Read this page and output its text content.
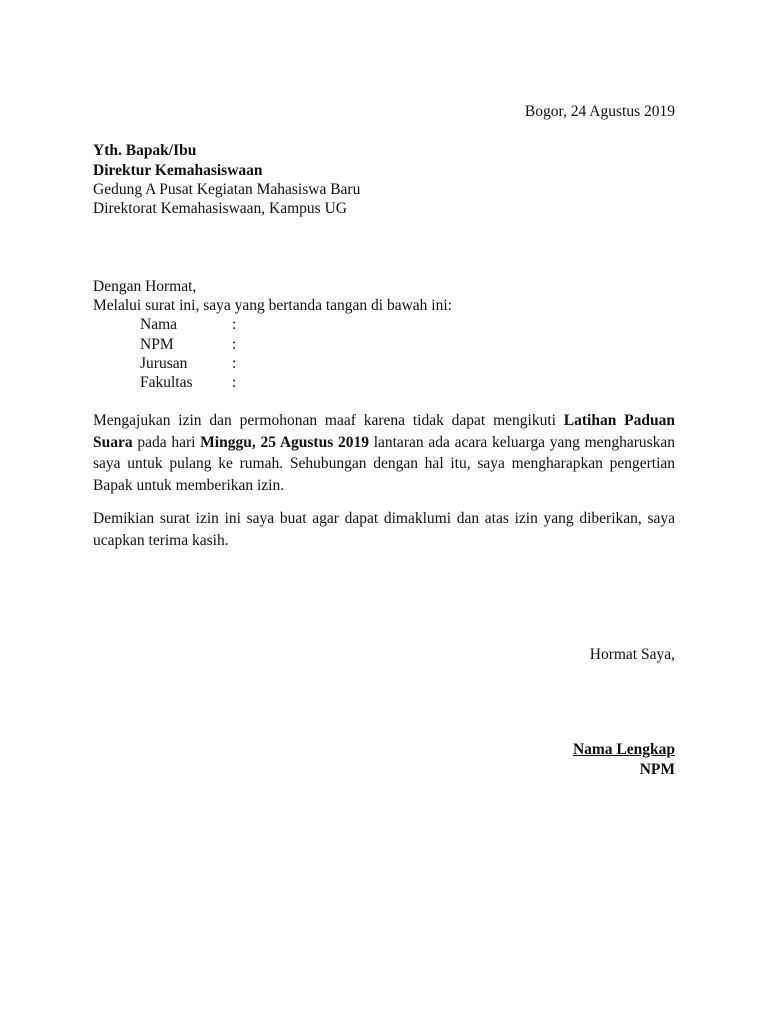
Bogor, 24 Agustus 2019
Yth. Bapak/Ibu
Direktur Kemahasiswaan
Gedung A Pusat Kegiatan Mahasiswa Baru
Direktorat Kemahasiswaan, Kampus UG
Dengan Hormat,
Melalui surat ini, saya yang bertanda tangan di bawah ini:
Nama	:
NPM	:
Jurusan	:
Fakultas	:
Mengajukan izin dan permohonan maaf karena tidak dapat mengikuti Latihan Paduan Suara pada hari Minggu, 25 Agustus 2019 lantaran ada acara keluarga yang mengharuskan saya untuk pulang ke rumah. Sehubungan dengan hal itu, saya mengharapkan pengertian Bapak untuk memberikan izin.
Demikian surat izin ini saya buat agar dapat dimaklumi dan atas izin yang diberikan, saya ucapkan terima kasih.
Hormat Saya,
Nama Lengkap
NPM
